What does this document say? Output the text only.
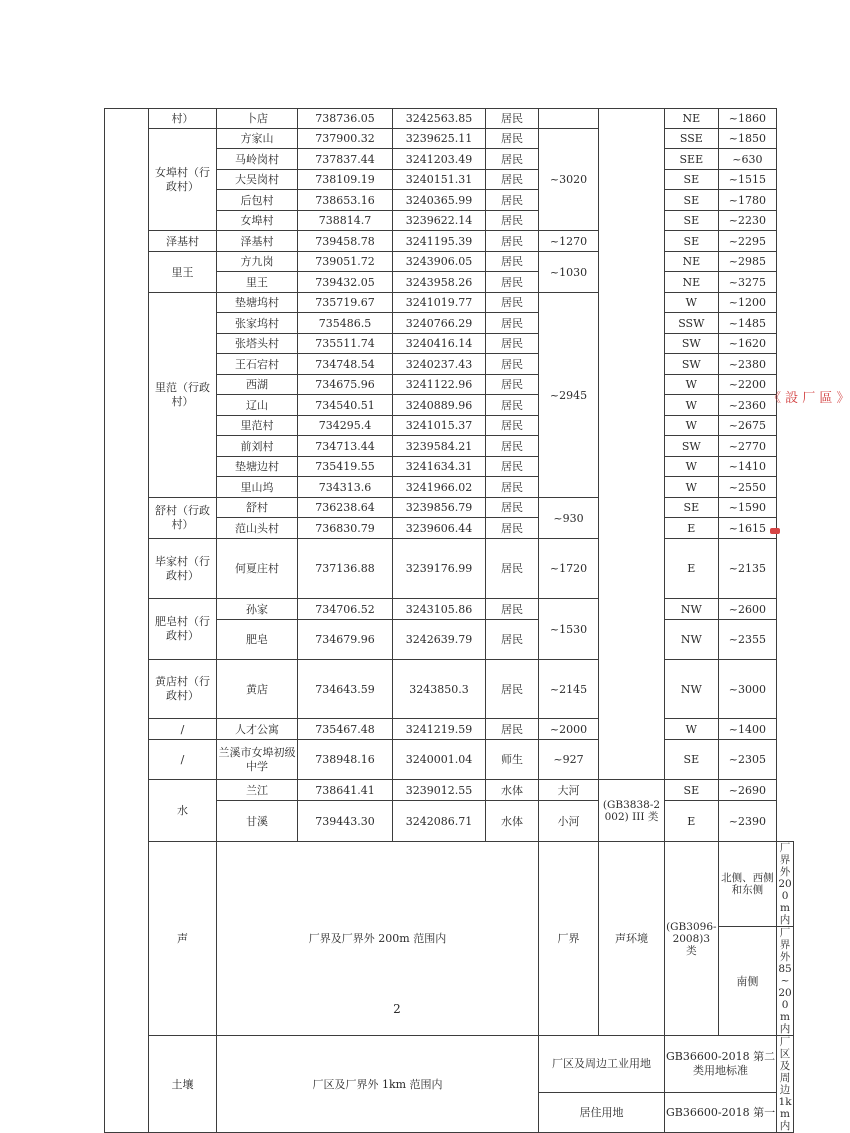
	村）	卜店	738736.05	3242563.85	居民			NE	~1860	
	女埠村（行政村）	方家山	737900.32	3239625.11	居民	~3020		SSE	~1850	
		马岭岗村	737837.44	3241203.49	居民			SEE	~630	
		大吴岗村	738109.19	3240151.31	居民			SE	~1515	
		后包村	738653.16	3240365.99	居民			SE	~1780	
		女埠村	738814.7	3239622.14	居民			SE	~2230	
	泽基村	泽基村	739458.78	3241195.39	居民	~1270		SE	~2295	
	里王	方九岗	739051.72	3243906.05	居民	~1030		NE	~2985	
		里王	739432.05	3243958.26	居民			NE	~3275	
	里范（行政村）	垫塘坞村	735719.67	3241019.77	居民	~2945		W	~1200	
		张家坞村	735486.5	3240766.29	居民			SSW	~1485	
		张塔头村	735511.74	3240416.14	居民			SW	~1620	
		王石宕村	734748.54	3240237.43	居民			SW	~2380	
		西湖	734675.96	3241122.96	居民			W	~2200	
		辽山	734540.51	3240889.96	居民			W	~2360	
		里范村	734295.4	3241015.37	居民			W	~2675	
		前刘村	734713.44	3239584.21	居民			SW	~2770	
		垫塘边村	735419.55	3241634.31	居民			W	~1410	
		里山坞	734313.6	3241966.02	居民			W	~2550	
	舒村（行政村）	舒村	736238.64	3239856.79	居民	~930		SE	~1590	
		范山头村	736830.79	3239606.44	居民			E	~1615	
	毕家村（行政村）	何夏庄村	737136.88	3239176.99	居民	~1720		E	~2135	
	肥皂村（行政村）	孙家	734706.52	3243105.86	居民	~1530		NW	~2600	
		肥皂	734679.96	3242639.79	居民			NW	~2355	
	黄店村（行政村）	黄店	734643.59	3243850.3	居民	~2145		NW	~3000	
	/	人才公寓	735467.48	3241219.59	居民	~2000		W	~1400	
	/	兰溪市女埠初级中学	738948.16	3240001.04	师生	~927		SE	~2305	
	水	兰江	738641.41	3239012.55	水体	大河	(GB3838-2002) III 类	SE	~2690	
		甘溪	739443.30	3242086.71	水体	小河		E	~2390	
	声	厂界及厂界外 200m 范围内				厂界	声环境	(GB3096-2008)3 类	北侧、西侧和东侧	厂界外 200m 内
									南侧	厂界外 85~200 m 内
	土壤	厂区及厂界外 1km 范围内				厂区及周边工业用地		GB36600-2018 第二类用地标准		厂区及周边 1km 内
						居住用地		GB36600-2018 第一		
2
《 設 厂 區 》
